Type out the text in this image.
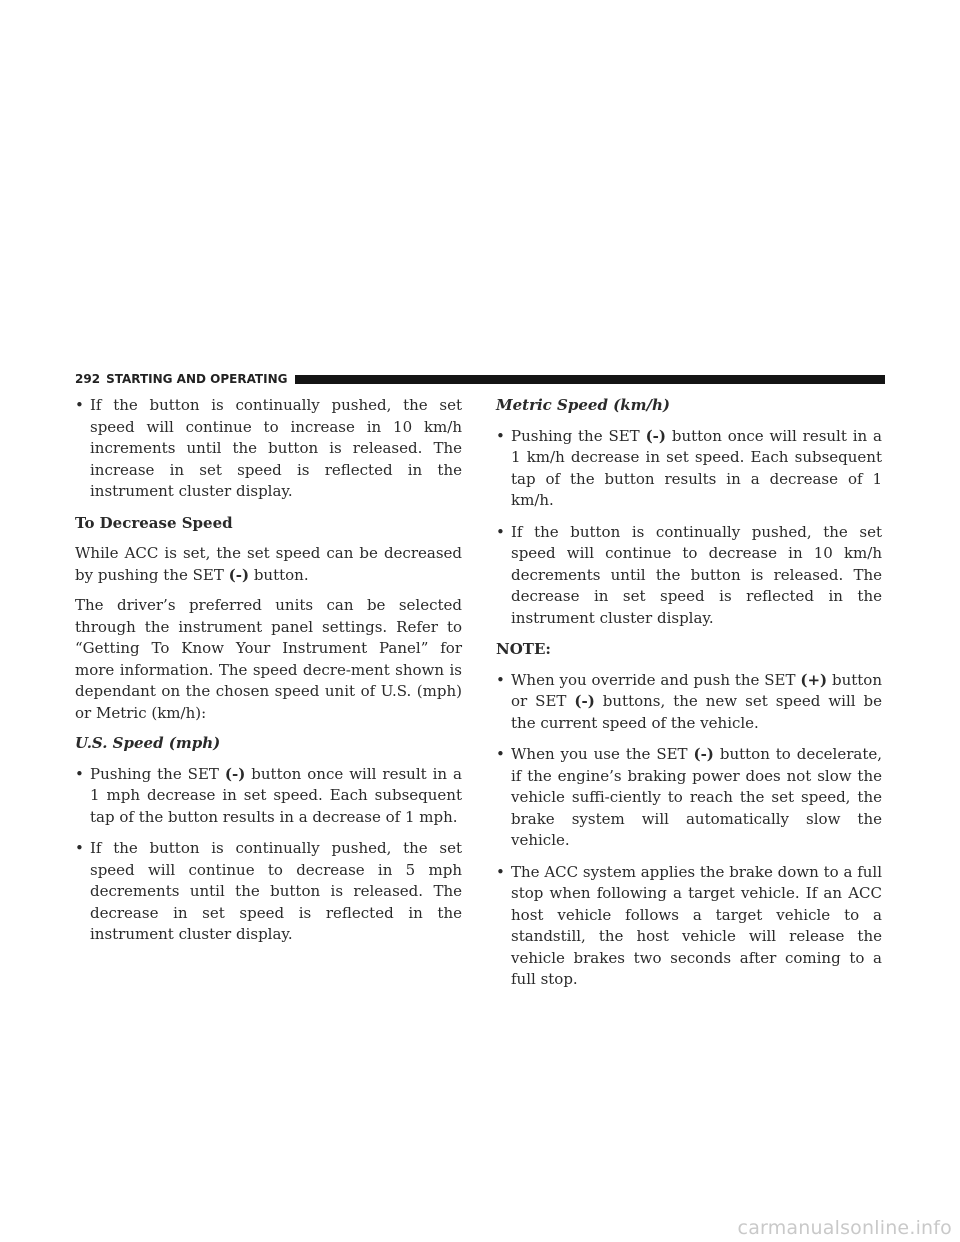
292 STARTING AND OPERATING
• If the button is continually pushed, the set speed will continue to increase in 10 km/h increments until the button is released. The increase in set speed is reflected in the instrument cluster display.

To Decrease Speed

While ACC is set, the set speed can be decreased by pushing the SET (-) button.

The driver’s preferred units can be selected through the instrument panel settings. Refer to “Getting To Know Your Instrument Panel” for more information. The speed decre-ment shown is dependant on the chosen speed unit of U.S. (mph) or Metric (km/h):

U.S. Speed (mph)

• Pushing the SET (-) button once will result in a 1 mph decrease in set speed. Each subsequent tap of the button results in a decrease of 1 mph.
• If the button is continually pushed, the set speed will continue to decrease in 5 mph decrements until the button is released. The decrease in set speed is reflected in the instrument cluster display.

Metric Speed (km/h)

• Pushing the SET (-) button once will result in a 1 km/h decrease in set speed. Each subsequent tap of the button results in a decrease of 1 km/h.
• If the button is continually pushed, the set speed will continue to decrease in 10 km/h decrements until the button is released. The decrease in set speed is reflected in the instrument cluster display.

NOTE:

• When you override and push the SET (+) button or SET (-) buttons, the new set speed will be the current speed of the vehicle.
• When you use the SET (-) button to decelerate, if the engine’s braking power does not slow the vehicle suffi-ciently to reach the set speed, the brake system will automatically slow the vehicle.
• The ACC system applies the brake down to a full stop when following a target vehicle. If an ACC host vehicle follows a target vehicle to a standstill, the host vehicle will release the vehicle brakes two seconds after coming to a full stop.
carmanualsonline.info
